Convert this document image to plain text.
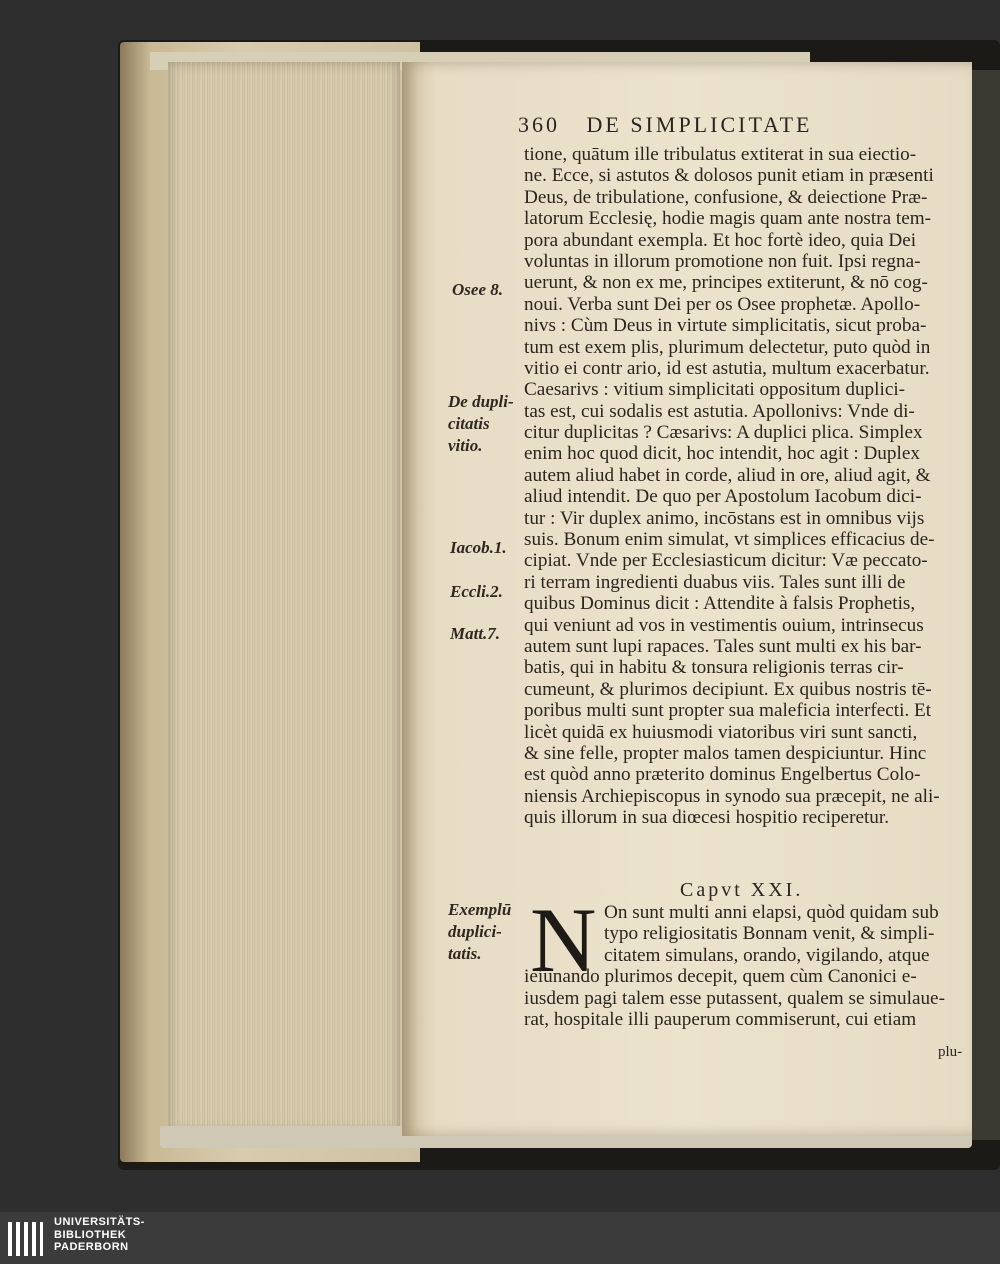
360 DE SIMPLICITATE
tione, quātum ille tribulatus extiterat in sua eiectio-
ne. Ecce, si astutos & dolosos punit etiam in præsenti
Deus, de tribulatione, confusione, & deiectione Præ-
latorum Ecclesię, hodie magis quam ante nostra tem-
pora abundant exempla. Et hoc fortè ideo, quia Dei
voluntas in illorum promotione non fuit. Ipsi regna-
uerunt, & non ex me, principes extiterunt, & nō cog-
noui. Verba sunt Dei per os Osee prophetæ. Apollo-
nivs : Cùm Deus in virtute simplicitatis, sicut proba-
tum est exem plis, plurimum delectetur, puto quòd in
vitio ei contr ario, id est astutia, multum exacerbatur.
Caesarivs : vitium simplicitati oppositum duplici-
tas est, cui sodalis est astutia. Apollonivs: Vnde di-
citur duplicitas ? Cæsarivs: A duplici plica. Simplex
enim hoc quod dicit, hoc intendit, hoc agit : Duplex
autem aliud habet in corde, aliud in ore, aliud agit, &
aliud intendit. De quo per Apostolum Iacobum dici-
tur : Vir duplex animo, incōstans est in omnibus vijs
suis. Bonum enim simulat, vt simplices efficacius de-
cipiat. Vnde per Ecclesiasticum dicitur: Væ peccato-
ri terram ingredienti duabus viis. Tales sunt illi de
quibus Dominus dicit : Attendite à falsis Prophetis,
qui veniunt ad vos in vestimentis ouium, intrinsecus
autem sunt lupi rapaces. Tales sunt multi ex his bar-
batis, qui in habitu & tonsura religionis terras cir-
cumeunt, & plurimos decipiunt. Ex quibus nostris tē-
poribus multi sunt propter sua maleficia interfecti. Et
licèt quidā ex huiusmodi viatoribus viri sunt sancti,
& sine felle, propter malos tamen despiciuntur. Hinc
est quòd anno præterito dominus Engelbertus Colo-
niensis Archiepiscopus in synodo sua præcepit, ne ali-
quis illorum in sua diœcesi hospitio reciperetur.
Capvt XXI.
N On sunt multi anni elapsi, quòd quidam sub
typo religiositatis Bonnam venit, & simpli-
citatem simulans, orando, vigilando, atque
ieiunando plurimos decepit, quem cùm Canonici e-
iusdem pagi talem esse putassent, qualem se simulaue-
rat, hospitale illi pauperum commiserunt, cui etiam
plu-
Osee 8.
De dupli-
citatis
vitio.
Iacob.1.
Eccli.2.
Matt.7.
Exemplū
duplici-
tatis.
UNIVERSITÄTS-
BIBLIOTHEK
PADERBORN
